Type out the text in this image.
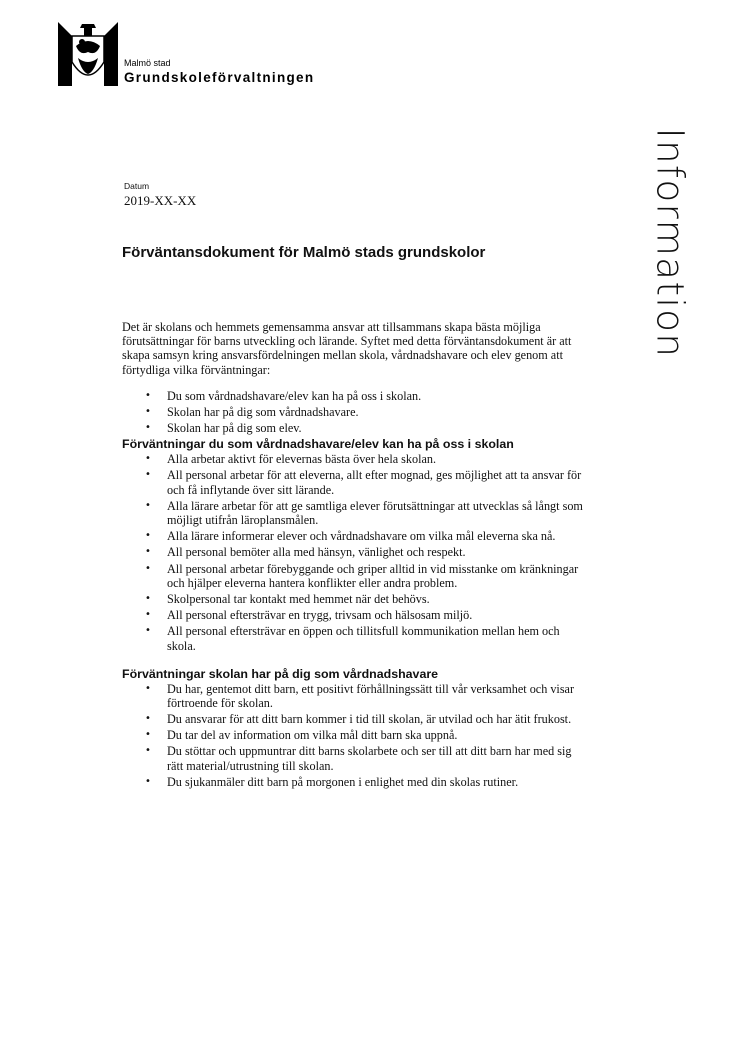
Malmö stad
Grundskoleförvaltningen
Information
Datum
2019-XX-XX
Förväntansdokument för Malmö stads grundskolor

Det är skolans och hemmets gemensamma ansvar att tillsammans skapa bästa möjliga förutsättningar för barns utveckling och lärande. Syftet med detta förväntansdokument är att skapa samsyn kring ansvarsfördelningen mellan skola, vårdnadshavare och elev genom att förtydliga vilka förväntningar:

• Du som vårdnadshavare/elev kan ha på oss i skolan.
• Skolan har på dig som vårdnadshavare.
• Skolan har på dig som elev.
Förväntningar du som vårdnadshavare/elev kan ha på oss i skolan
• Alla arbetar aktivt för elevernas bästa över hela skolan.
• All personal arbetar för att eleverna, allt efter mognad, ges möjlighet att ta ansvar för och få inflytande över sitt lärande.
• Alla lärare arbetar för att ge samtliga elever förutsättningar att utvecklas så långt som möjligt utifrån läroplansmålen.
• Alla lärare informerar elever och vårdnadshavare om vilka mål eleverna ska nå.
• All personal bemöter alla med hänsyn, vänlighet och respekt.
• All personal arbetar förebyggande och griper alltid in vid misstanke om kränkningar och hjälper eleverna hantera konflikter eller andra problem.
• Skolpersonal tar kontakt med hemmet när det behövs.
• All personal eftersträvar en trygg, trivsam och hälsosam miljö.
• All personal eftersträvar en öppen och tillitsfull kommunikation mellan hem och skola.
Förväntningar skolan har på dig som vårdnadshavare
• Du har, gentemot ditt barn, ett positivt förhållningssätt till vår verksamhet och visar förtroende för skolan.
• Du ansvarar för att ditt barn kommer i tid till skolan, är utvilad och har ätit frukost.
• Du tar del av information om vilka mål ditt barn ska uppnå.
• Du stöttar och uppmuntrar ditt barns skolarbete och ser till att ditt barn har med sig rätt material/utrustning till skolan.
• Du sjukanmäler ditt barn på morgonen i enlighet med din skolas rutiner.
